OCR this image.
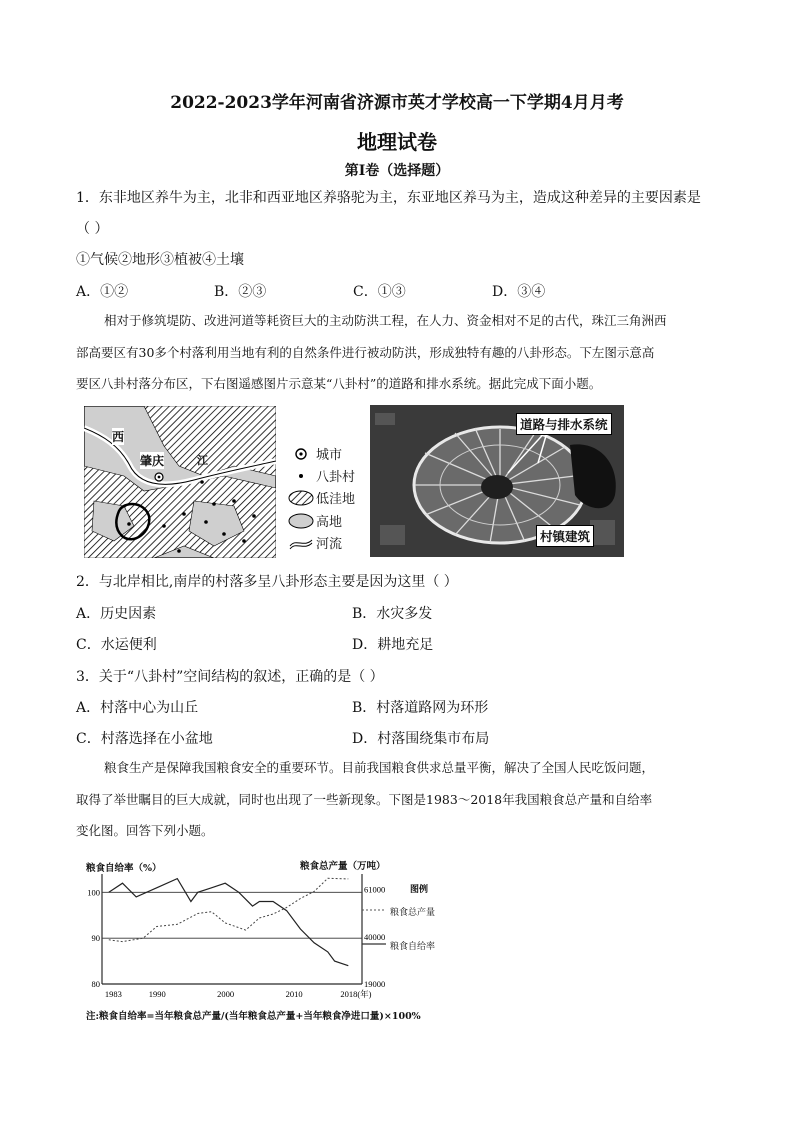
2022-2023学年河南省济源市英才学校高一下学期4月月考
地理试卷
第Ⅰ卷（选择题）
1．东非地区养牛为主，北非和西亚地区养骆驼为主，东亚地区养马为主，造成这种差异的主要因素是
（ ）
①气候②地形③植被④土壤
A．①②	B．②③	C．①③	D．③④
相对于修筑堤防、改进河道等耗资巨大的主动防洪工程，在人力、资金相对不足的古代，珠江三角洲西
部高要区有30多个村落利用当地有利的自然条件进行被动防洪，形成独特有趣的八卦形态。下左图示意高
要区八卦村落分布区，下右图遥感图片示意某“八卦村”的道路和排水系统。据此完成下面小题。
西
肇庆	江	城市
八卦村
低洼地
高地
河流
道路与排水系统
村镇建筑
2．与北岸相比,南岸的村落多呈八卦形态主要是因为这里（ ）
A．历史因素	B．水灾多发
C．水运便利	D．耕地充足
3．关于“八卦村”空间结构的叙述，正确的是（ ）
A．村落中心为山丘	B．村落道路网为环形
C．村落选择在小盆地	D．村落围绕集市布局
粮食生产是保障我国粮食安全的重要环节。目前我国粮食供求总量平衡，解决了全国人民吃饭问题，
取得了举世瞩目的巨大成就，同时也出现了一些新现象。下图是1983～2018年我国粮食总产量和自给率
变化图。回答下列小题。
粮食自给率（%）	粮食总产量（万吨）
图例
100
90
80
61000
40000
19000
1983	1990	2000	2010	2018(年)
粮食总产量
粮食自给率
注:粮食自给率=当年粮食总产量/(当年粮食总产量+当年粮食净进口量)×100%
